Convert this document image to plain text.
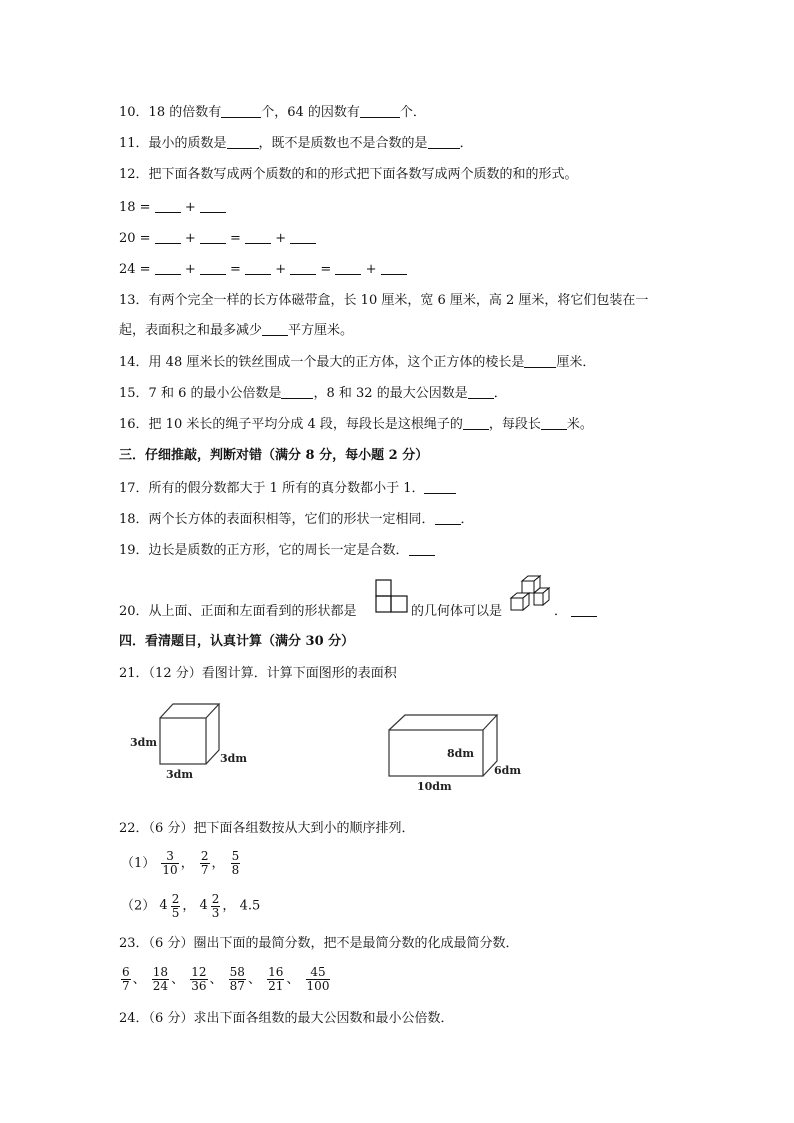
10．18 的倍数有	个，64 的因数有	个．
11．最小的质数是 ，既不是质数也不是合数的是 ．
12．把下面各数写成两个质数的和的形式把下面各数写成两个质数的和的形式。
18 =	+
20 =	+	=	+
24 =	+	=	+	=	+
13．有两个完全一样的长方体磁带盒，长 10 厘米，宽 6 厘米，高 2 厘米，将它们包装在一
起，表面积之和最多减少 平方厘米。
14．用 48 厘米长的铁丝围成一个最大的正方体，这个正方体的棱长是 厘米．
15．7 和 6 的最小公倍数是 ，8 和 32 的最大公因数是 ．
16．把 10 米长的绳子平均分成 4 段，每段长是这根绳子的 ，每段长 米。
三．仔细推敲，判断对错（满分 8 分，每小题 2 分）
17．所有的假分数都大于 1 所有的真分数都小于 1．
18．两个长方体的表面积相等，它们的形状一定相同． ．
19．边长是质数的正方形，它的周长一定是合数．
20．从上面、正面和左面看到的形状都是	的几何体可以是	．
四．看清题目，认真计算（满分 30 分）
21．（12 分）看图计算．计算下面图形的表面积
3dm
3dm
3dm
8dm
6dm
10dm
22．（6 分）把下面各组数按从大到小的顺序排列．
$(1) \frac{3}{10}$ ， $\frac{2}{7}$ ， $\frac{5}{8}$
（2） $4 \frac{2}{5}$ ， $4 \frac{2}{3}$ ， 4.5
23．（6 分）圈出下面的最简分数，把不是最简分数的化成最简分数．
$\frac{6}{7}$ 、 $\frac{18}{24}$ 、 $\frac{12}{36}$ 、 $\frac{58}{87}$ 、 $\frac{16}{21}$ 、 $\frac{45}{100}$
24．（6 分）求出下面各组数的最大公因数和最小公倍数．
